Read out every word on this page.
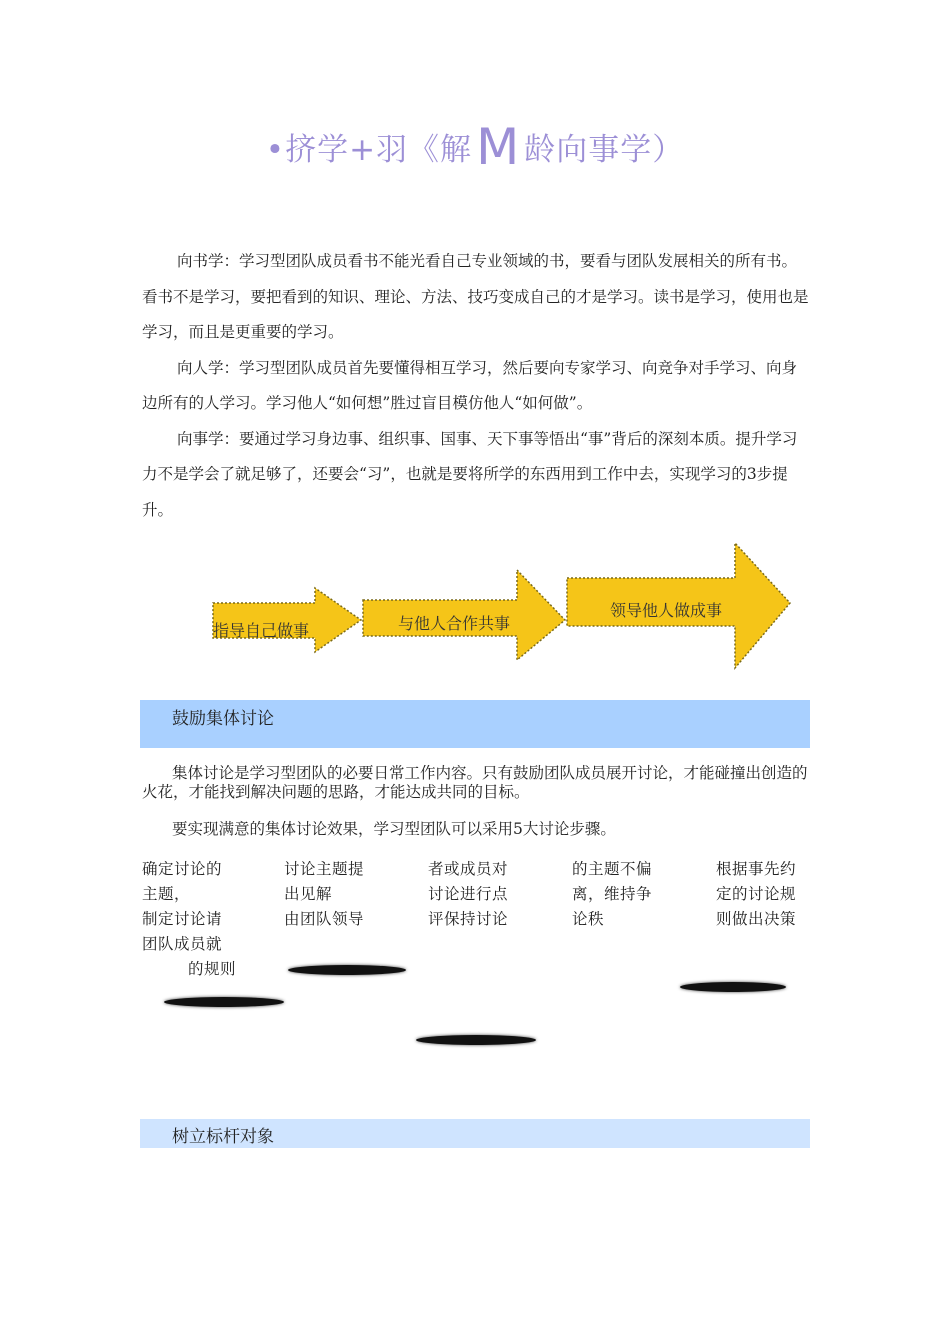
•挤学+羽《解M 龄向事学）

向书学：学习型团队成员看书不能光看自己专业领域的书，要看与团队发展相关的所有书。看书不是学习，要把看到的知识、理论、方法、技巧变成自己的才是学习。读书是学习，使用也是学习，而且是更重要的学习。

向人学：学习型团队成员首先要懂得相互学习，然后要向专家学习、向竞争对手学习、向身边所有的人学习。学习他人“如何想”胜过盲目模仿他人“如何做”。

向事学：要通过学习身边事、组织事、国事、天下事等悟出“事”背后的深刻本质。提升学习力不是学会了就足够了，还要会“习”，也就是要将所学的东西用到工作中去，实现学习的3步提升。

指导自己做事	与他人合作共事
领导他人做成事
鼓励集体讨论
集体讨论是学习型团队的必要日常工作内容。只有鼓励团队成员展开讨论，才能碰撞出创造的火花，才能找到解决问题的思路，才能达成共同的目标。
要实现满意的集体讨论效果，学习型团队可以采用5大讨论步骤。
确定讨论的
主题，
制定讨论请
团队成员就
的规则
讨论主题提
出见解
由团队领导
者或成员对
讨论进行点
评保持讨论
的主题不偏
离，维持争
论秩
根据事先约
定的讨论规
则做出决策
树立标杆对象
